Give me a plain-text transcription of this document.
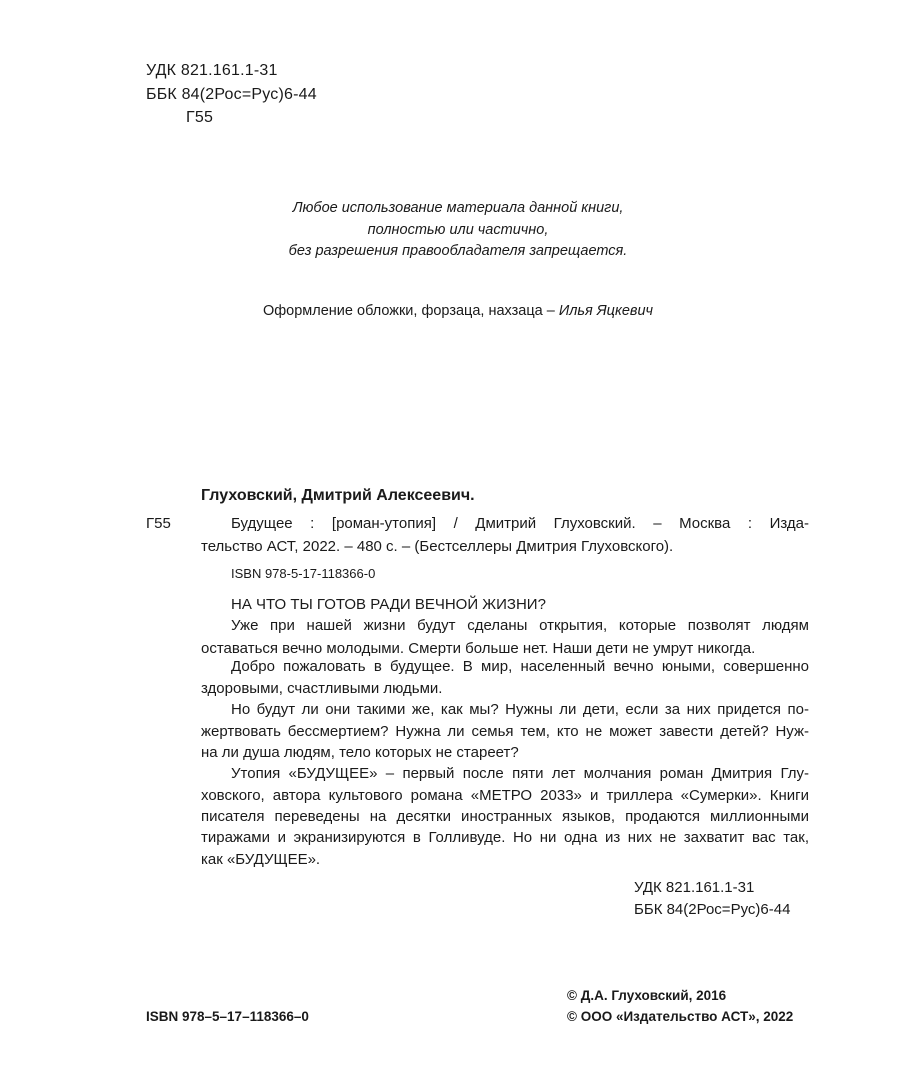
УДК 821.161.1-31
ББК 84(2Рос=Рус)6-44
Г55
Любое использование материала данной книги,
полностью или частично,
без разрешения правообладателя запрещается.
Оформление обложки, форзаца, нахзаца – Илья Яцкевич
Глуховский, Дмитрий Алексеевич.
Г55	Будущее : [роман-утопия] / Дмитрий Глуховский. – Москва : Изда-
тельство АСТ, 2022. – 480 с. – (Бестселлеры Дмитрия Глуховского).
ISBN 978-5-17-118366-0
НА ЧТО ТЫ ГОТОВ РАДИ ВЕЧНОЙ ЖИЗНИ?
Уже при нашей жизни будут сделаны открытия, которые позволят людям
оставаться вечно молодыми. Смерти больше нет. Наши дети не умрут никогда.
Добро пожаловать в будущее. В мир, населенный вечно юными, совершенно
здоровыми, счастливыми людьми.
Но будут ли они такими же, как мы? Нужны ли дети, если за них придется по-
жертвовать бессмертием? Нужна ли семья тем, кто не может завести детей? Нуж-
на ли душа людям, тело которых не стареет?
Утопия «БУДУЩЕЕ» – первый после пяти лет молчания роман Дмитрия Глу-
ховского, автора культового романа «МЕТРО 2033» и триллера «Сумерки». Книги
писателя переведены на десятки иностранных языков, продаются миллионными
тиражами и экранизируются в Голливуде. Но ни одна из них не захватит вас так,
как «БУДУЩЕЕ».
УДК 821.161.1-31
ББК 84(2Рос=Рус)6-44
ISBN 978–5–17–118366–0
© Д.А. Глуховский, 2016
© ООО «Издательство АСТ», 2022
